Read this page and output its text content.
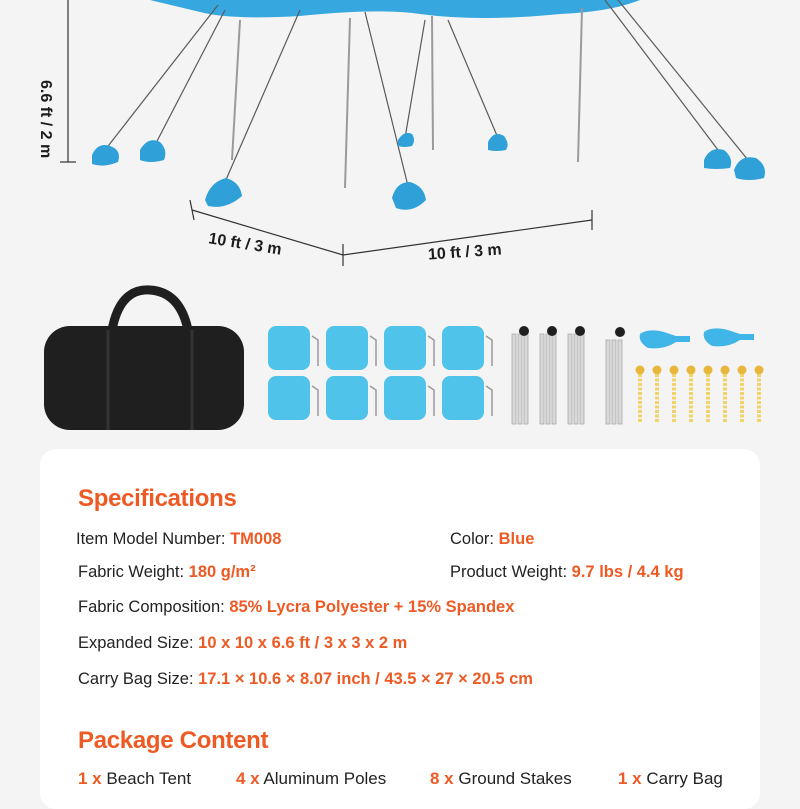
6.6 ft / 2 m
10 ft / 3 m	10 ft / 3 m
Specifications
Item Model Number: TM008	Color: Blue
Fabric Weight: 180 g/m²	Product Weight: 9.7 lbs / 4.4 kg
Fabric Composition: 85% Lycra Polyester + 15% Spandex
Expanded Size: 10 x 10 x 6.6 ft / 3 x 3 x 2 m
Carry Bag Size: 17.1 × 10.6 × 8.07 inch / 43.5 × 27 × 20.5 cm
Package Content
1 x Beach Tent	4 x Aluminum Poles	8 x Ground Stakes	1 x Carry Bag
